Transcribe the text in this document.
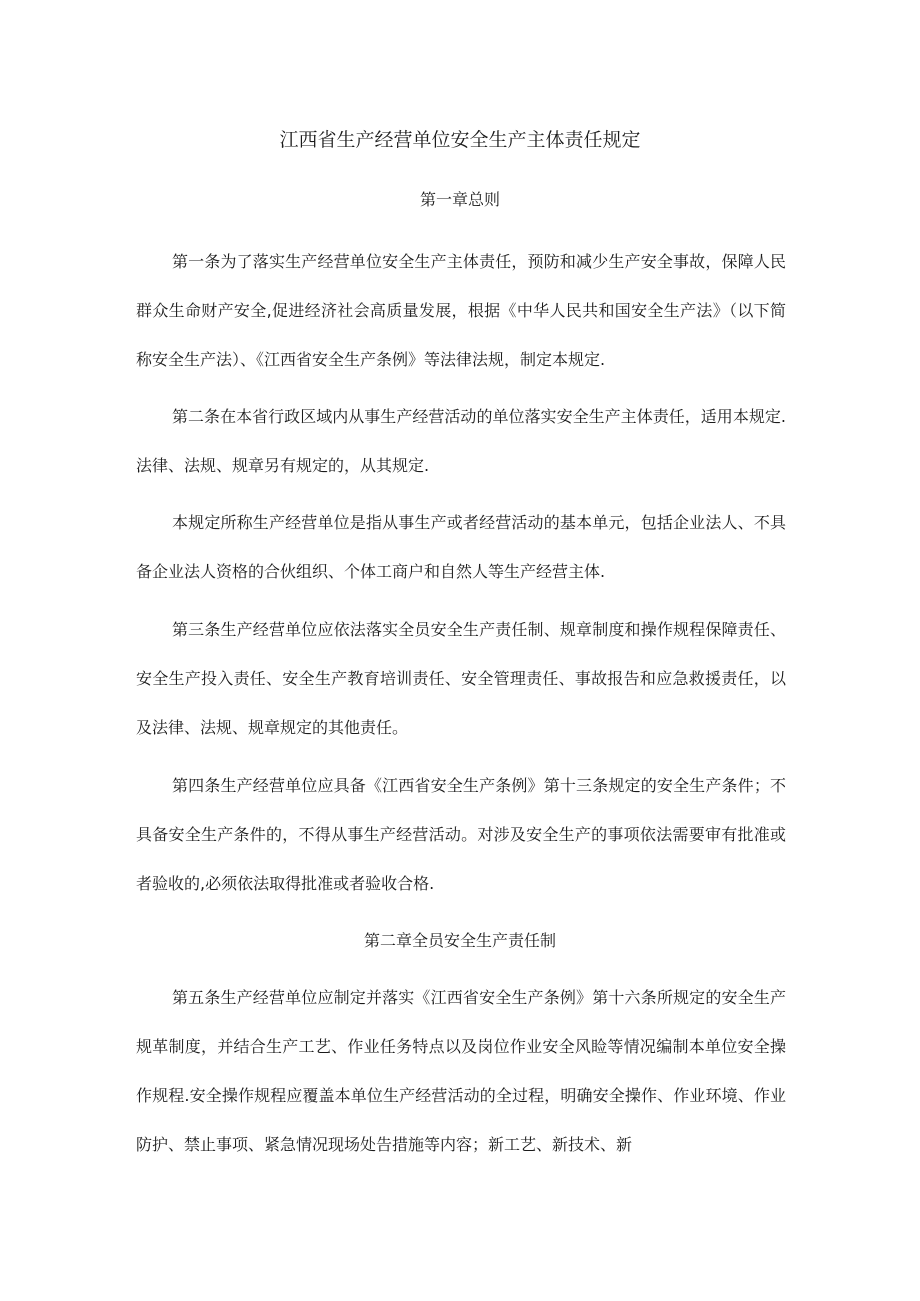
江西省生产经营单位安全生产主体责任规定
第一章总则

第一条为了落实生产经营单位安全生产主体责任，预防和减少生产安全事故，保障人民群众生命财产安全,促进经济社会高质量发展，根据《中华人民共和国安全生产法》（以下简称安全生产法）、《江西省安全生产条例》等法律法规，制定本规定.

第二条在本省行政区域内从事生产经营活动的单位落实安全生产主体责任，适用本规定.法律、法规、规章另有规定的，从其规定.

本规定所称生产经营单位是指从事生产或者经营活动的基本单元，包括企业法人、不具备企业法人资格的合伙组织、个体工商户和自然人等生产经营主体.

第三条生产经营单位应依法落实全员安全生产责任制、规章制度和操作规程保障责任、安全生产投入责任、安全生产教育培训责任、安全管理责任、事故报告和应急救援责任，以及法律、法规、规章规定的其他责任。

第四条生产经营单位应具备《江西省安全生产条例》第十三条规定的安全生产条件；不具备安全生产条件的，不得从事生产经营活动。对涉及安全生产的事项依法需要审有批准或者验收的,必须依法取得批准或者验收合格.

第二章全员安全生产责任制

第五条生产经营单位应制定并落实《江西省安全生产条例》第十六条所规定的安全生产规革制度，并结合生产工艺、作业任务特点以及岗位作业安全风睑等情况编制本单位安全操作规程.安全操作规程应覆盖本单位生产经营活动的全过程，明确安全操作、作业环境、作业防护、禁止事项、紧急情况现场处告措施等内容；新工艺、新技术、新
